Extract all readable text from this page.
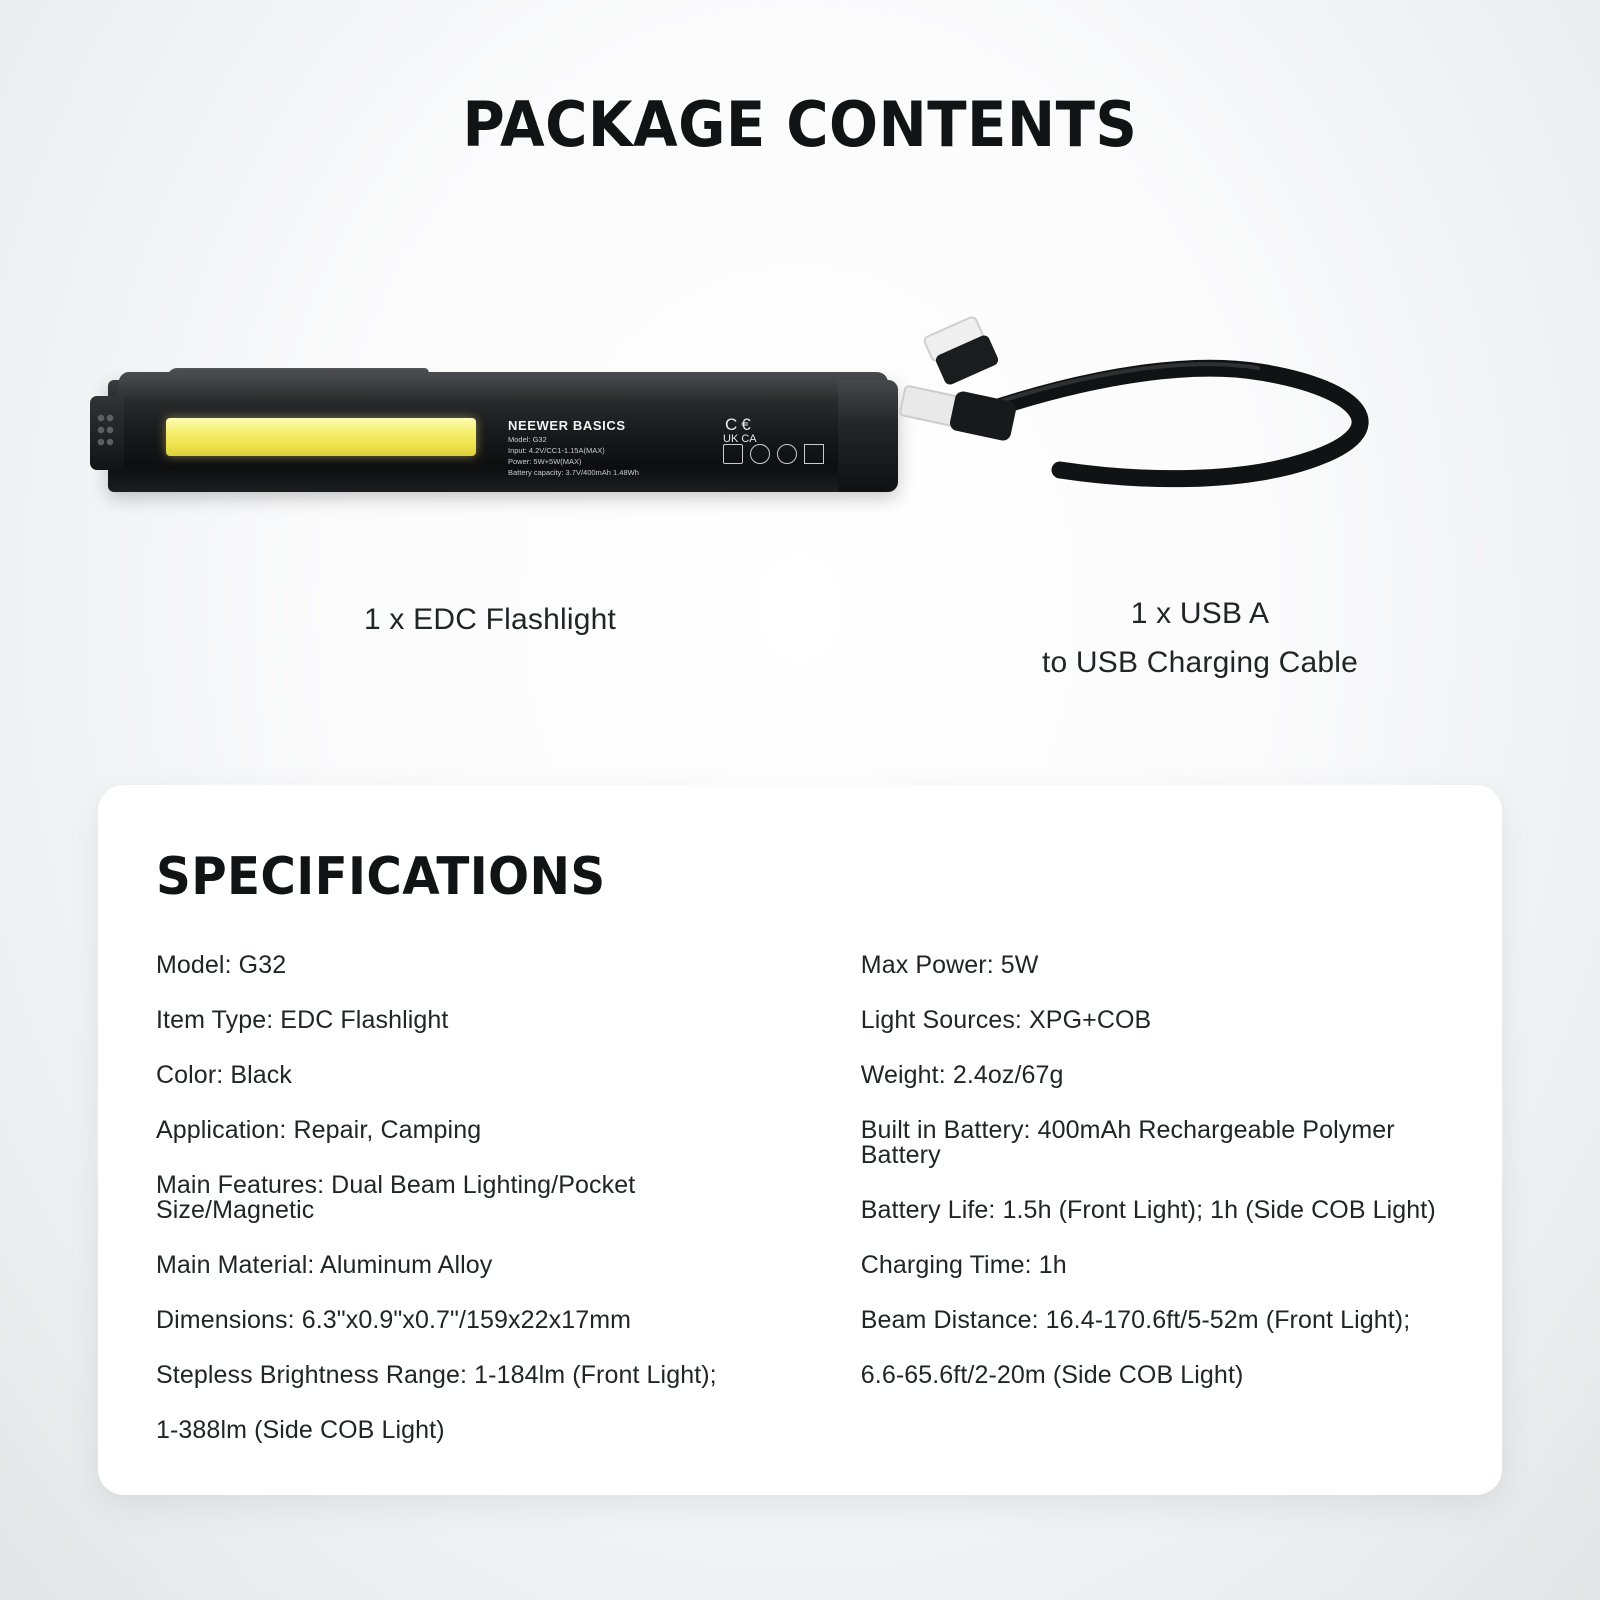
PACKAGE CONTENTS
NEEWER BASICS
Model: G32
Input: 4.2V/CC1-1.15A(MAX)
Power: 5W+5W(MAX)
Battery capacity: 3.7V/400mAh 1.48Wh
C€
UK CA
1 x EDC Flashlight	1 x USB A
to USB Charging Cable
SPECIFICATIONS
Model: G32
Item Type: EDC Flashlight
Color: Black
Application: Repair, Camping
Main Features: Dual Beam Lighting/Pocket Size/Magnetic
Main Material: Aluminum Alloy
Dimensions: 6.3"x0.9"x0.7"/159x22x17mm
Stepless Brightness Range: 1-184lm (Front Light);
1-388lm (Side COB Light)
Max Power: 5W
Light Sources: XPG+COB
Weight: 2.4oz/67g
Built in Battery: 400mAh Rechargeable Polymer Battery
Battery Life: 1.5h (Front Light); 1h (Side COB Light)
Charging Time: 1h
Beam Distance: 16.4-170.6ft/5-52m (Front Light);
6.6-65.6ft/2-20m (Side COB Light)
